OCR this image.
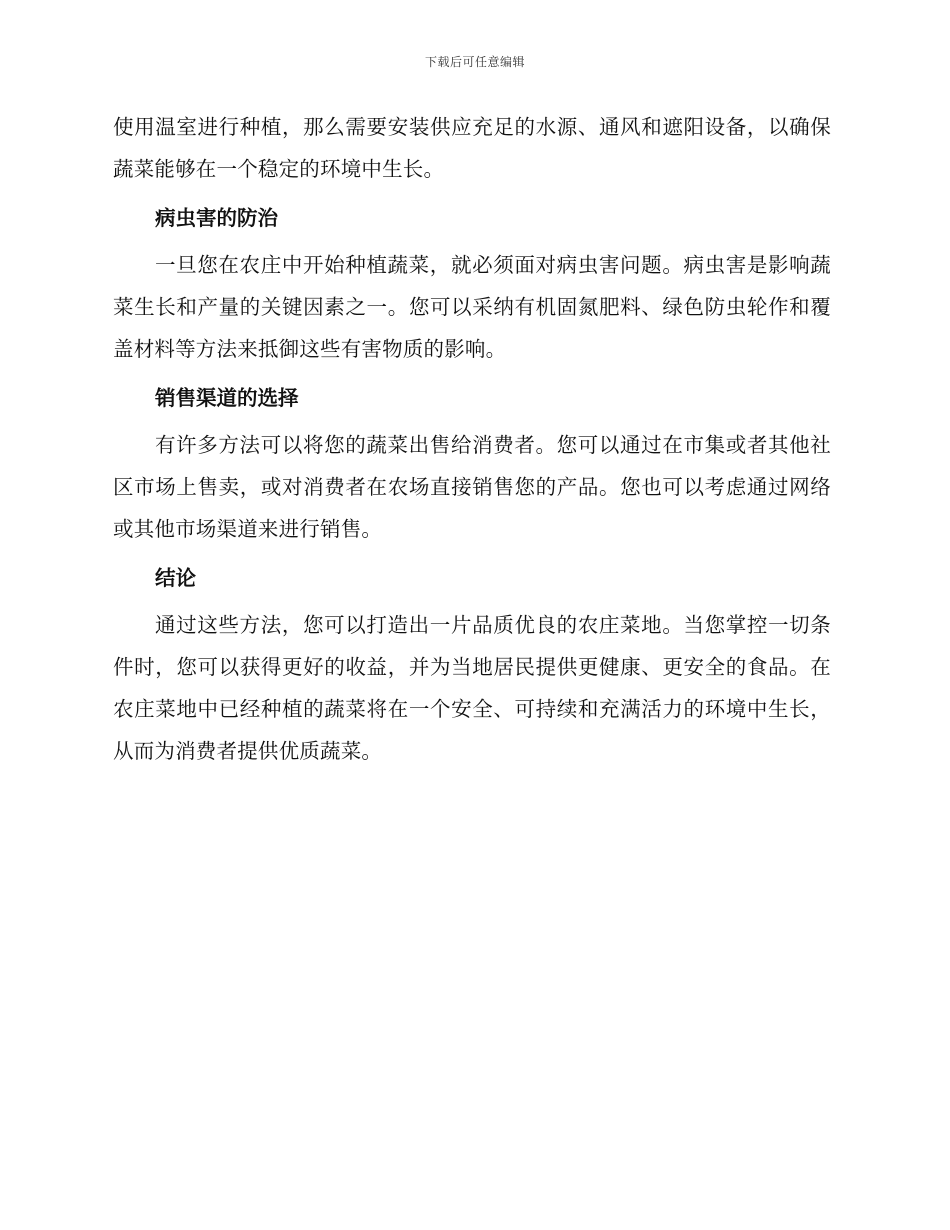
下载后可任意编辑

使用温室进行种植，那么需要安装供应充足的水源、通风和遮阳设备，以确保蔬菜能够在一个稳定的环境中生长。

病虫害的防治

一旦您在农庄中开始种植蔬菜，就必须面对病虫害问题。病虫害是影响蔬菜生长和产量的关键因素之一。您可以采纳有机固氮肥料、绿色防虫轮作和覆盖材料等方法来抵御这些有害物质的影响。

销售渠道的选择

有许多方法可以将您的蔬菜出售给消费者。您可以通过在市集或者其他社区市场上售卖，或对消费者在农场直接销售您的产品。您也可以考虑通过网络或其他市场渠道来进行销售。

结论

通过这些方法，您可以打造出一片品质优良的农庄菜地。当您掌控一切条件时，您可以获得更好的收益，并为当地居民提供更健康、更安全的食品。在农庄菜地中已经种植的蔬菜将在一个安全、可持续和充满活力的环境中生长，从而为消费者提供优质蔬菜。
